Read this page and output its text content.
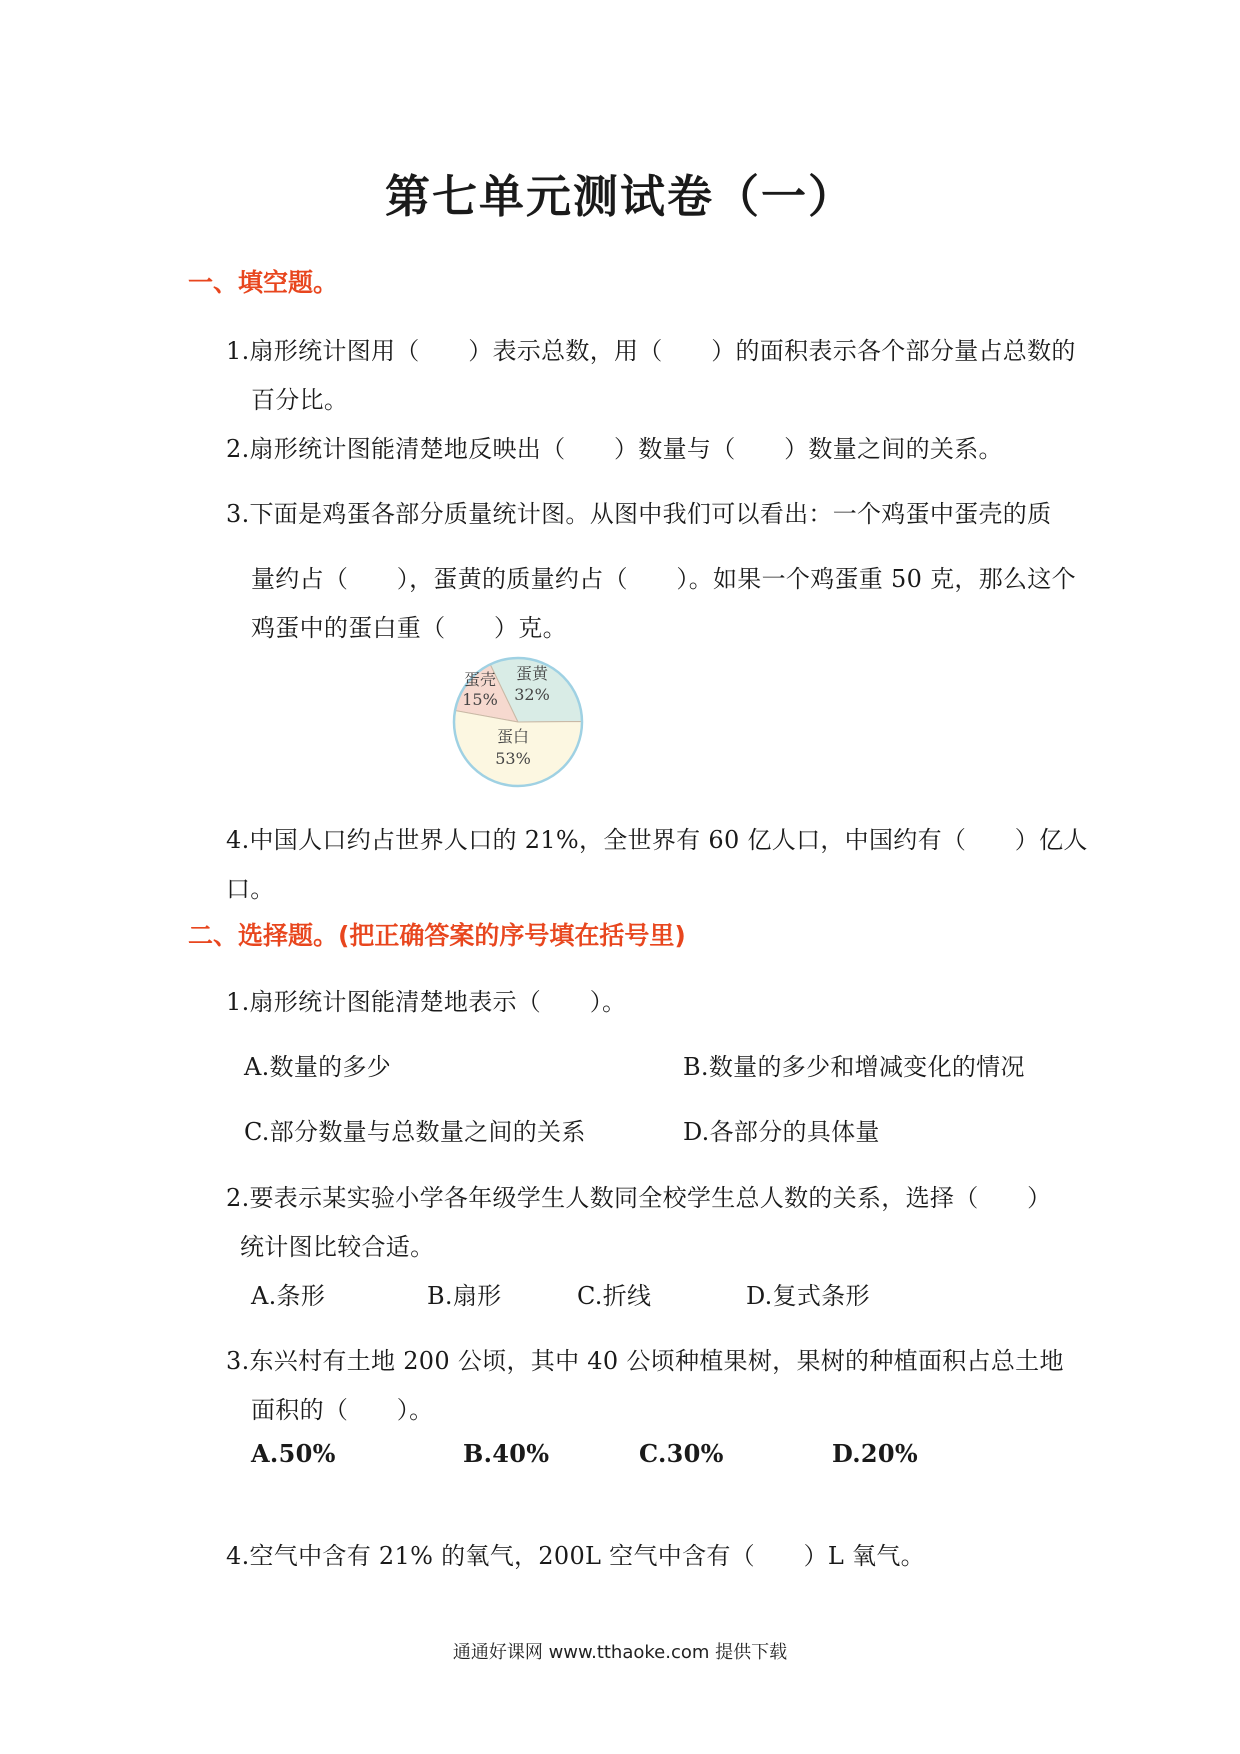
第七单元测试卷（一）
一、填空题。
1.扇形统计图用（　　）表示总数，用（　　）的面积表示各个部分量占总数的
百分比。
2.扇形统计图能清楚地反映出（　　）数量与（　　）数量之间的关系。
3.下面是鸡蛋各部分质量统计图。从图中我们可以看出：一个鸡蛋中蛋壳的质
量约占（　　），蛋黄的质量约占（　　）。如果一个鸡蛋重 50 克，那么这个
鸡蛋中的蛋白重（　　）克。
蛋壳
15%
蛋黄
32%
蛋白
53%
4.中国人口约占世界人口的 21%，全世界有 60 亿人口，中国约有（　　）亿人
口。
二、选择题。(把正确答案的序号填在括号里)
1.扇形统计图能清楚地表示（　　）。
A.数量的多少	B.数量的多少和增减变化的情况
C.部分数量与总数量之间的关系	D.各部分的具体量
2.要表示某实验小学各年级学生人数同全校学生总人数的关系，选择（　　）
统计图比较合适。
A.条形	B.扇形	C.折线	D.复式条形
3.东兴村有土地 200 公顷，其中 40 公顷种植果树，果树的种植面积占总土地
面积的（　　）。
A.50%	B.40%	C.30%	D.20%
4.空气中含有 21% 的氧气，200L 空气中含有（　　）L 氧气。
通通好课网 www.tthaoke.com 提供下载
